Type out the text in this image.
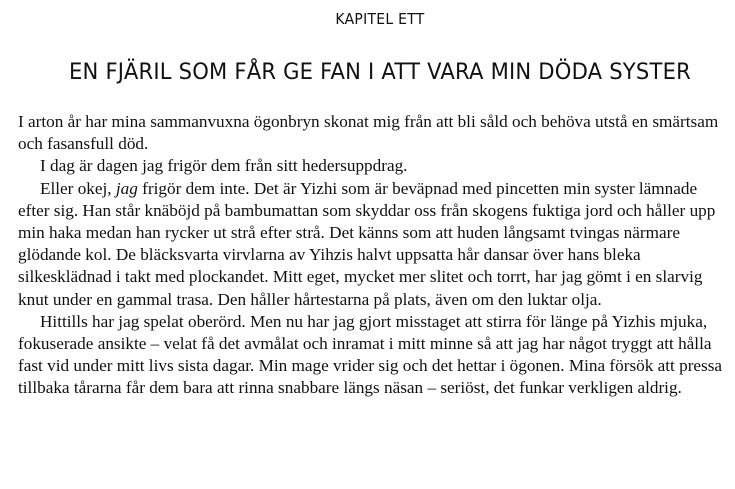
KAPITEL ETT
EN FJÄRIL SOM FÅR GE FAN I ATT VARA MIN DÖDA SYSTER

I arton år har mina sammanvuxna ögonbryn skonat mig från att bli såld och behöva utstå en smärtsam och fasansfull död.

I dag är dagen jag frigör dem från sitt hedersuppdrag.

Eller okej, jag frigör dem inte. Det är Yizhi som är beväpnad med pincetten min syster lämnade efter sig. Han står knäböjd på bambumattan som skyddar oss från skogens fuktiga jord och håller upp min haka medan han rycker ut strå efter strå. Det känns som att huden långsamt tvingas närmare glödande kol. De bläcksvarta virvlarna av Yihzis halvt uppsatta hår dansar över hans bleka silkesklädnad i takt med plockandet. Mitt eget, mycket mer slitet och torrt, har jag gömt i en slarvig knut under en gammal trasa. Den håller hårtestarna på plats, även om den luktar olja.

Hittills har jag spelat oberörd. Men nu har jag gjort misstaget att stirra för länge på Yizhis mjuka, fokuserade ansikte – velat få det avmålat och inramat i mitt minne så att jag har något tryggt att hålla fast vid under mitt livs sista dagar. Min mage vrider sig och det hettar i ögonen. Mina försök att pressa tillbaka tårarna får dem bara att rinna snabbare längs näsan – seriöst, det funkar verkligen aldrig.
